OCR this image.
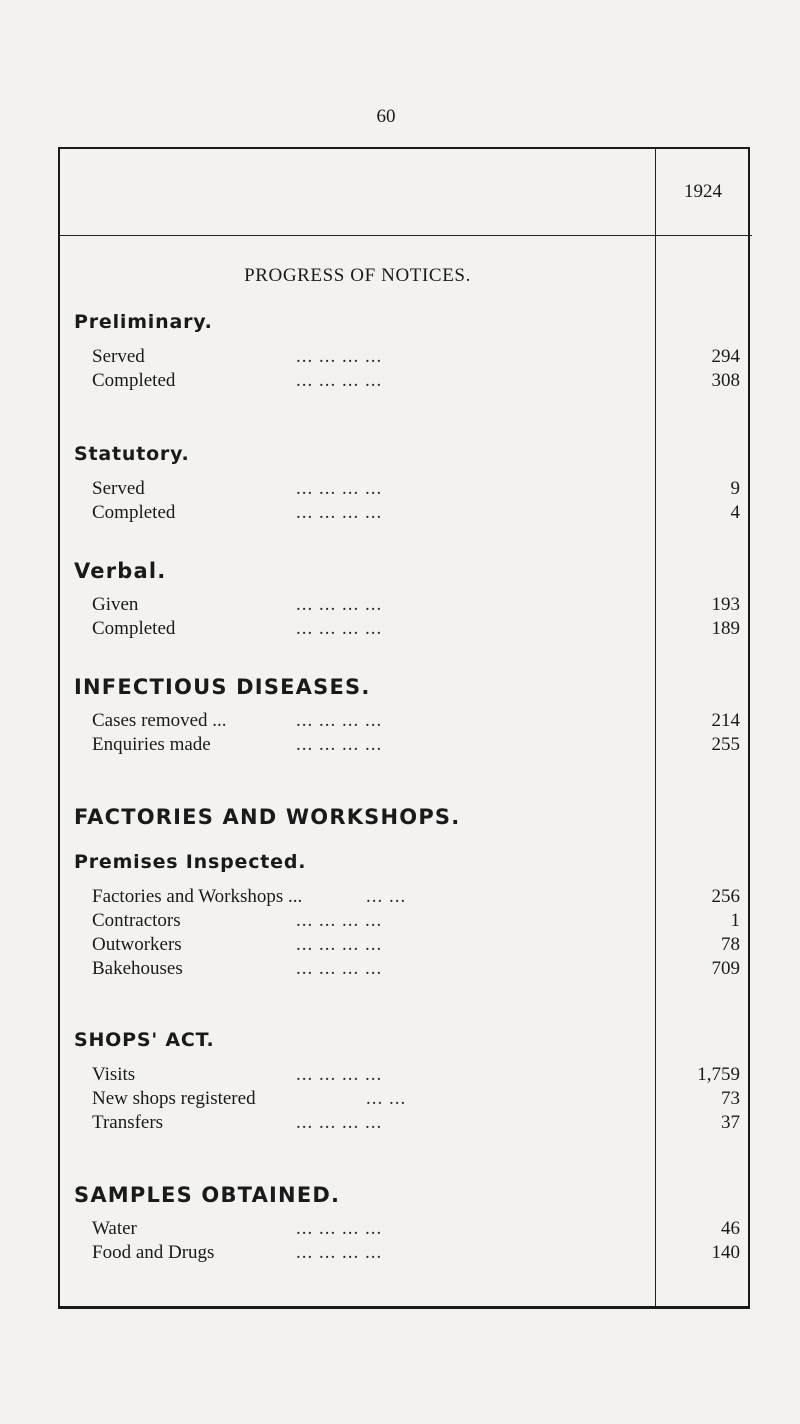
60
1924
PROGRESS OF NOTICES.
Preliminary.
Served	... ... ... ...	294
Completed	... ... ... ...	308
Statutory.
Served	... ... ... ...	9
Completed	... ... ... ...	4
Verbal.
Given	... ... ... ...	193
Completed	... ... ... ...	189
INFECTIOUS DISEASES.
Cases removed ...	... ... ... ...	214
Enquiries made	... ... ... ...	255
FACTORIES AND WORKSHOPS.
Premises Inspected.
Factories and Workshops ...	... ...	256
Contractors	... ... ... ...	1
Outworkers	... ... ... ...	78
Bakehouses	... ... ... ...	709
SHOPS' ACT.
Visits	... ... ... ...	1,759
New shops registered	... ...	73
Transfers	... ... ... ...	37
SAMPLES OBTAINED.
Water	... ... ... ...	46
Food and Drugs	... ... ... ...	140
